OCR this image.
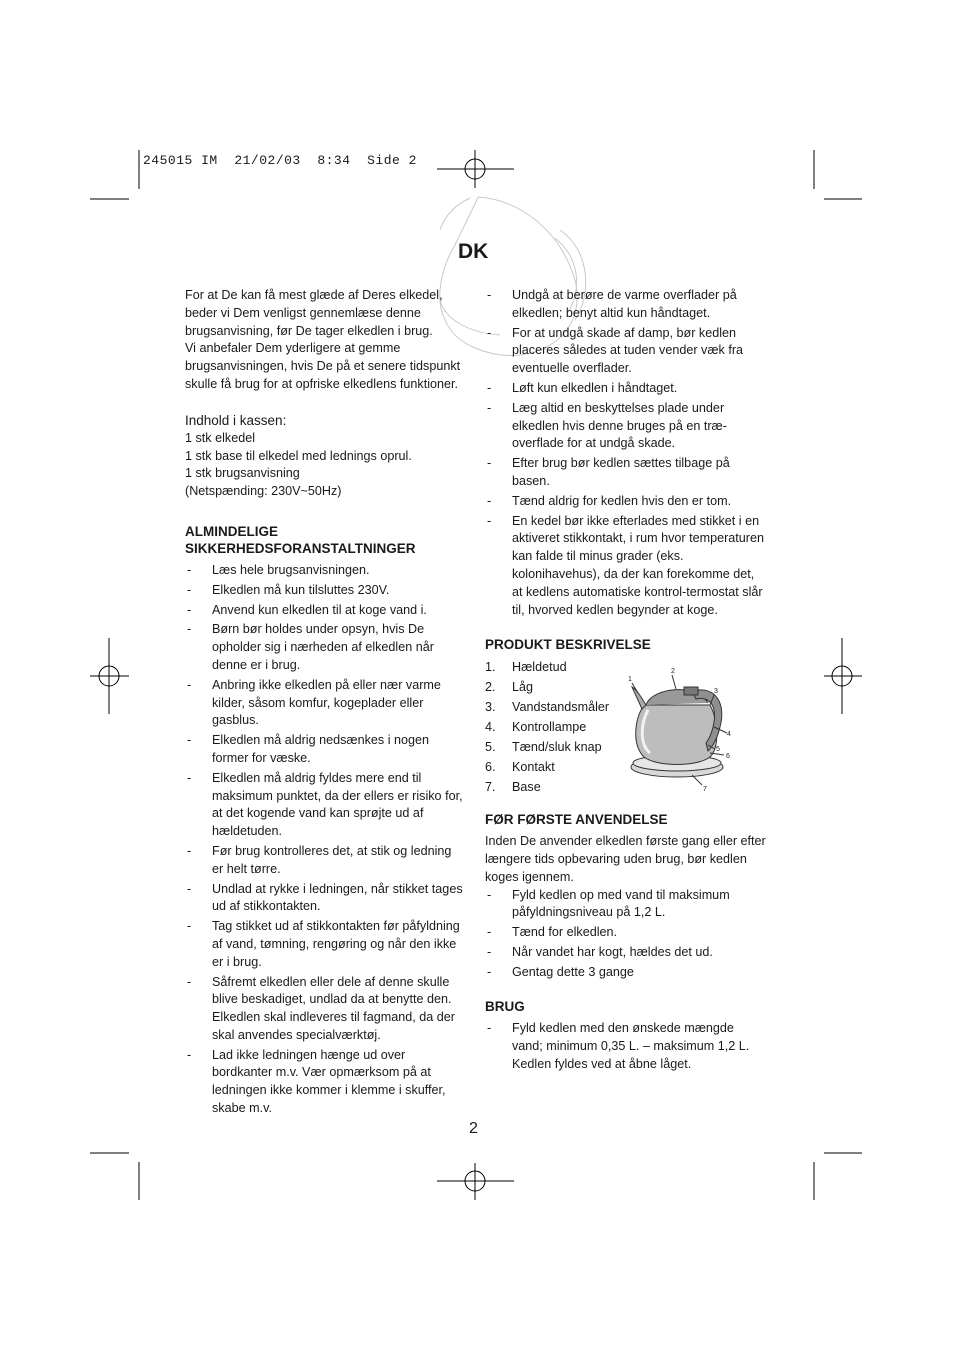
245015 IM  21/02/03  8:34  Side 2
DK
For at De kan få mest glæde af Deres elkedel,
beder vi Dem venligst gennemlæse denne
brugsanvisning, før De tager elkedlen i brug.
Vi anbefaler Dem yderligere at gemme
brugsanvisningen, hvis De på et senere tidspunkt
skulle få brug for at opfriske elkedlens funktioner.
Indhold i kassen:
1 stk elkedel
1 stk base til elkedel med lednings oprul.
1 stk brugsanvisning
(Netspænding: 230V~50Hz)
ALMINDELIGE
SIKKERHEDSFORANSTALTNINGER
- Læs hele brugsanvisningen.
- Elkedlen må kun tilsluttes 230V.
- Anvend kun elkedlen til at koge vand i.
- Børn bør holdes under opsyn, hvis De
opholder sig i nærheden af elkedlen når
denne er i brug.
- Anbring ikke elkedlen på eller nær varme
kilder, såsom komfur, kogeplader eller
gasblus.
- Elkedlen må aldrig nedsænkes i nogen
former for væske.
- Elkedlen må aldrig fyldes mere end til
maksimum punktet, da der ellers er risiko for,
at det kogende vand kan sprøjte ud af
hældetuden.
- Før brug kontrolleres det, at stik og ledning
er helt tørre.
- Undlad at rykke i ledningen, når stikket tages
ud af stikkontakten.
- Tag stikket ud af stikkontakten før påfyldning
af vand, tømning, rengøring og når den ikke
er i brug.
- Såfremt elkedlen eller dele af denne skulle
blive beskadiget, undlad da at benytte den.
Elkedlen skal indleveres til fagmand, da der
skal anvendes specialværktøj.
- Lad ikke ledningen hænge ud over
bordkanter m.v. Vær opmærksom på at
ledningen ikke kommer i klemme i skuffer,
skabe m.v.
- Undgå at berøre de varme overflader på
elkedlen; benyt altid kun håndtaget.
- For at undgå skade af damp, bør kedlen
placeres således at tuden vender væk fra
eventuelle overflader.
- Løft kun elkedlen i håndtaget.
- Læg altid en beskyttelses plade under
elkedlen hvis denne bruges på en træ-
overflade for at undgå skade.
- Efter brug bør kedlen sættes tilbage på
basen.
- Tænd aldrig for kedlen hvis den er tom.
- En kedel bør ikke efterlades med stikket i en
aktiveret stikkontakt, i rum hvor temperaturen
kan falde til minus grader (eks.
kolonihavehus), da der kan forekomme det,
at kedlens automatiske kontrol-termostat slår
til, hvorved kedlen begynder at koge.
PRODUKT BESKRIVELSE
1. Hældetud
2. Låg
3. Vandstandsmåler
4. Kontrollampe
5. Tænd/sluk knap
6. Kontakt
7. Base
FØR FØRSTE ANVENDELSE
Inden De anvender elkedlen første gang eller efter
længere tids opbevaring uden brug, bør kedlen
koges igennem.
- Fyld kedlen op med vand til maksimum
påfyldningsniveau på 1,2 L.
- Tænd for elkedlen.
- Når vandet har kogt, hældes det ud.
- Gentag dette 3 gange
BRUG
- Fyld kedlen med den ønskede mængde
vand; minimum 0,35 L. – maksimum 1,2 L.
Kedlen fyldes ved at åbne låget.
1
2
3
4
5
6
7
2
